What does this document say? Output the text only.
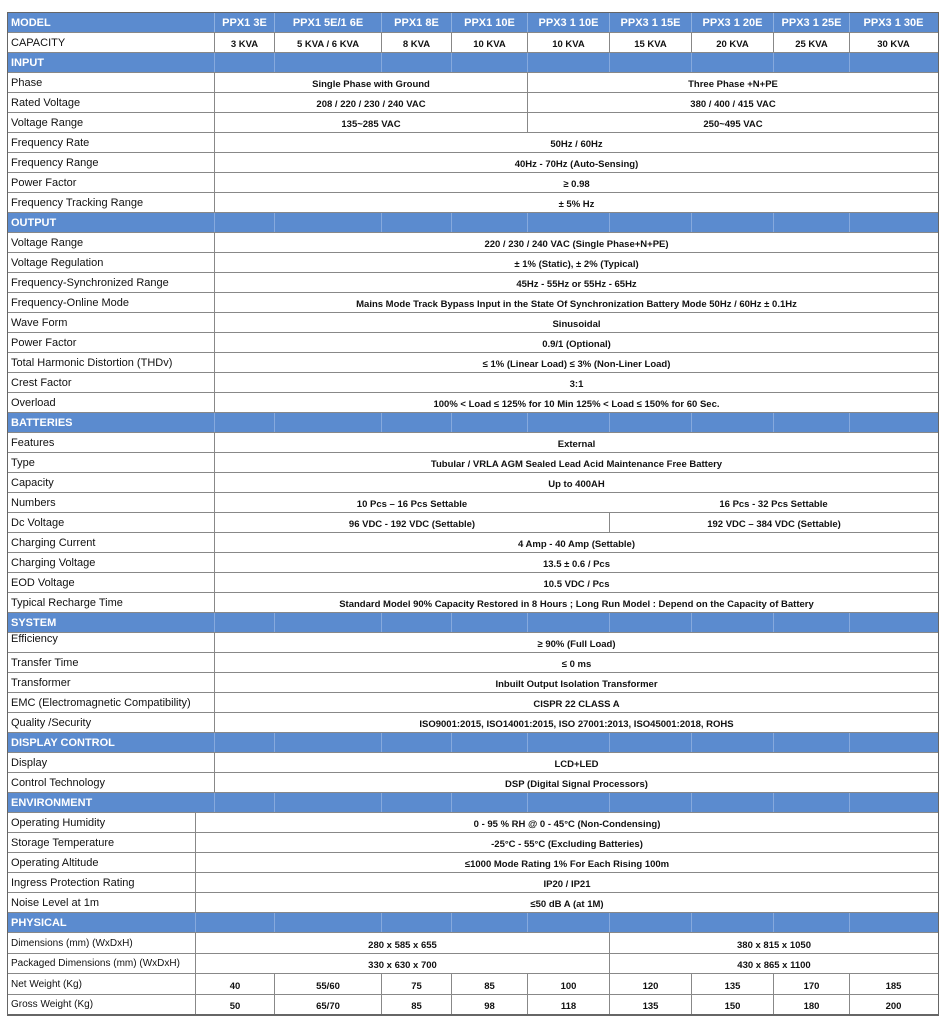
MODEL	PPX1 3E	PPX1 5E/1 6E	PPX1 8E	PPX1 10E	PPX3 1 10E	PPX3 1 15E	PPX3 1 20E	PPX3 1 25E	PPX3 1 30E
CAPACITY	3 KVA	5 KVA / 6 KVA	8 KVA	10 KVA	10 KVA	15 KVA	20 KVA	25 KVA	30 KVA
INPUT
Phase	Single Phase with Ground	Three Phase +N+PE
Rated Voltage	208 / 220 / 230 / 240 VAC	380 / 400 / 415 VAC
Voltage Range	135~285 VAC	250~495 VAC
Frequency Rate	50Hz / 60Hz
Frequency Range	40Hz - 70Hz (Auto-Sensing)
Power Factor	≥ 0.98
Frequency Tracking Range	± 5% Hz
OUTPUT
Voltage Range	220 / 230 / 240 VAC (Single Phase+N+PE)
Voltage Regulation	± 1% (Static), ± 2% (Typical)
Frequency-Synchronized Range	45Hz - 55Hz or 55Hz - 65Hz
Frequency-Online Mode	Mains Mode Track Bypass Input in the State Of Synchronization Battery Mode 50Hz / 60Hz ± 0.1Hz
Wave Form	Sinusoidal
Power Factor	0.9/1 (Optional)
Total Harmonic Distortion (THDv)	≤ 1% (Linear Load) ≤ 3% (Non-Liner Load)
Crest Factor	3:1
Overload	100% < Load ≤ 125% for 10 Min 125% < Load ≤ 150% for 60 Sec.
BATTERIES
Features	External
Type	Tubular / VRLA AGM Sealed Lead Acid Maintenance Free Battery
Capacity	Up to 400AH
Numbers	10 Pcs – 16 Pcs Settable	16 Pcs - 32 Pcs Settable
Dc Voltage	96 VDC - 192 VDC (Settable)	192 VDC – 384 VDC (Settable)
Charging Current	4 Amp - 40 Amp (Settable)
Charging Voltage	13.5 ± 0.6 / Pcs
EOD Voltage	10.5 VDC / Pcs
Typical Recharge Time	Standard Model 90% Capacity Restored in 8 Hours ; Long Run Model : Depend on the Capacity of Battery
SYSTEM
Efficiency	≥ 90% (Full Load)
Transfer Time	≤ 0 ms
Transformer	Inbuilt Output Isolation Transformer
EMC (Electromagnetic Compatibility)	CISPR 22 CLASS A
Quality /Security	ISO9001:2015, ISO14001:2015, ISO 27001:2013, ISO45001:2018, ROHS
DISPLAY CONTROL
Display	LCD+LED
Control Technology	DSP (Digital Signal Processors)
ENVIRONMENT
Operating Humidity	0 - 95 % RH @ 0 - 45°C (Non-Condensing)
Storage Temperature	-25°C - 55°C (Excluding Batteries)
Operating Altitude	≤1000 Mode Rating 1% For Each Rising 100m
Ingress Protection Rating	IP20 / IP21
Noise Level at 1m	≤50 dB A (at 1M)
PHYSICAL
Dimensions (mm) (WxDxH)	280 x 585 x 655	380 x 815 x 1050
Packaged Dimensions (mm) (WxDxH)	330 x 630 x 700	430 x 865 x 1100
Net Weight (Kg)	40	55/60	75	85	100	120	135	170	185
Gross Weight (Kg)	50	65/70	85	98	118	135	150	180	200
